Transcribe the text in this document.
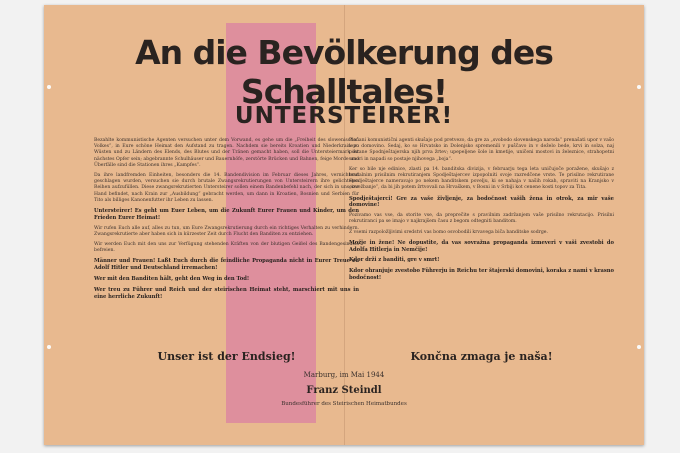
An die Bevölkerung des Schalltales!
UNTERSTEIRER!

Bezahlte kommunistische Agenten versuchen unter dem Vorwand, es gehe um die „Freiheit des slowenischen Volkes“, in Eure schöne Heimat den Aufstand zu tragen. Nachdem sie bereits Kroatien und Niederkrain zu Wüsten und zu Ländern des Elends, des Blutes und der Tränen gemacht haben, soll die Untersteiermark ihr nächstes Opfer sein; abgebrannte Schulhäuser und Bauernhöfe, zerstörte Brücken und Bahnen, feige Morde und Überfälle sind die Stationen ihres „Kampfes“.

Da ihre landfremden Einheiten, besonders die 14. Bandendivision im Februar dieses Jahres, vernichtend geschlagen wurden, versuchen sie durch brutale Zwangsrekrutierungen von Untersteirern ihre gelichteten Reihen aufzufüllen. Diese zwangsrekrutierten Untersteirer sollen einem Bandenbefehl nach, der sich in unserer Hand befindet, nach Krain zur „Ausbildung“ gebracht werden, um dann in Kroatien, Bosnien und Serbien für Tito als billiges Kanonenfutter ihr Leben zu lassen.

Untersteirer! Es geht um Euer Leben, um die Zukunft Eurer Frauen und Kinder, um den Frieden Eurer Heimat!

Wir rufen Euch alle auf, alles zu tun, um Eure Zwangsrekrutierung durch ein richtiges Verhalten zu verhindern. Zwangsrekrutierte aber haben sich in kürzester Zeit durch Flucht den Banditen zu entziehen.

Wir werden Euch mit den uns zur Verfügung stehenden Kräften von der blutigen Geißel des Bandengesindels befreien.

Männer und Frauen! Laßt Euch durch die feindliche Propaganda nicht in Eurer Treue zu Adolf Hitler und Deutschland irremachen!

Wer mit den Banditen hält, geht den Weg in den Tod!

Wer treu zu Führer und Reich und der steirischen Heimat steht, marschiert mit uns in eine herrliche Zukunft!

Plačani komunistični agenti skušajo pod pretvezo, da gre za „svobodo slovenskega naroda“ prenašati upor v vašo lepo domovino. Sedaj, ko so Hrvatsko in Dolenjsko spremenili v puščavo in v deželo bede, krvi in solza, naj postane Spodnještajerska njih prva žrtev; upepeljene šole in kmetije, uničeni mostovi in železnice, strahopetni umori in napadi so postaje njihovega „boja“.

Ker so bile nje edinice, zlasti pa 14. banditska divizija, v februarju tega leta uničujoče poražene, skušajo z brutalnim prisilnim rekrutiranjem Spodještajercev izpopolniti svoje razredčene vrste. Te prisilno rekrutirane Spodještajerce nameravajo po nekem banditskem povelju, ki se nahaja v naših rokah, spraviti na Kranjsko v „izvežbanje“, da bi jih potem žrtvovali na Hrvaškem, v Bosni in v Srbiji kot cenene kosti topov za Tita.

Spodještajerci! Gre za vaše življenje, za bodočnost vaših žena in otrok, za mir vaše domovine!

Pozivamo vas vse, da storite vse, da preprečite s pravilnim zadržanjem vaše prisilno rekrutacijo. Prisilni rekrutiranci pa se imajo v najkrajšem času z begom odtegniti banditom.

Z vsemi razpoložljivimi sredstvi vas bomo osvobodili krvavega biča banditske sodrge.

Možje in žene! Ne dopustite, da vas sovražna propaganda izmeveri v vaši zvestobi do Adolfa Hitlerja in Nemčije!

Kdor drži z banditi, gre v smrt!

Kdor ohranjuje zvestobo Führerju in Reichu ter štajerski domovini, koraka z nami v krasno bodočnost!

Unser ist der Endsieg!	Končna zmaga je naša!
Marburg, im Mai 1944
Franz Steindl
Bundesführer des Steirischen Heimatbundes
